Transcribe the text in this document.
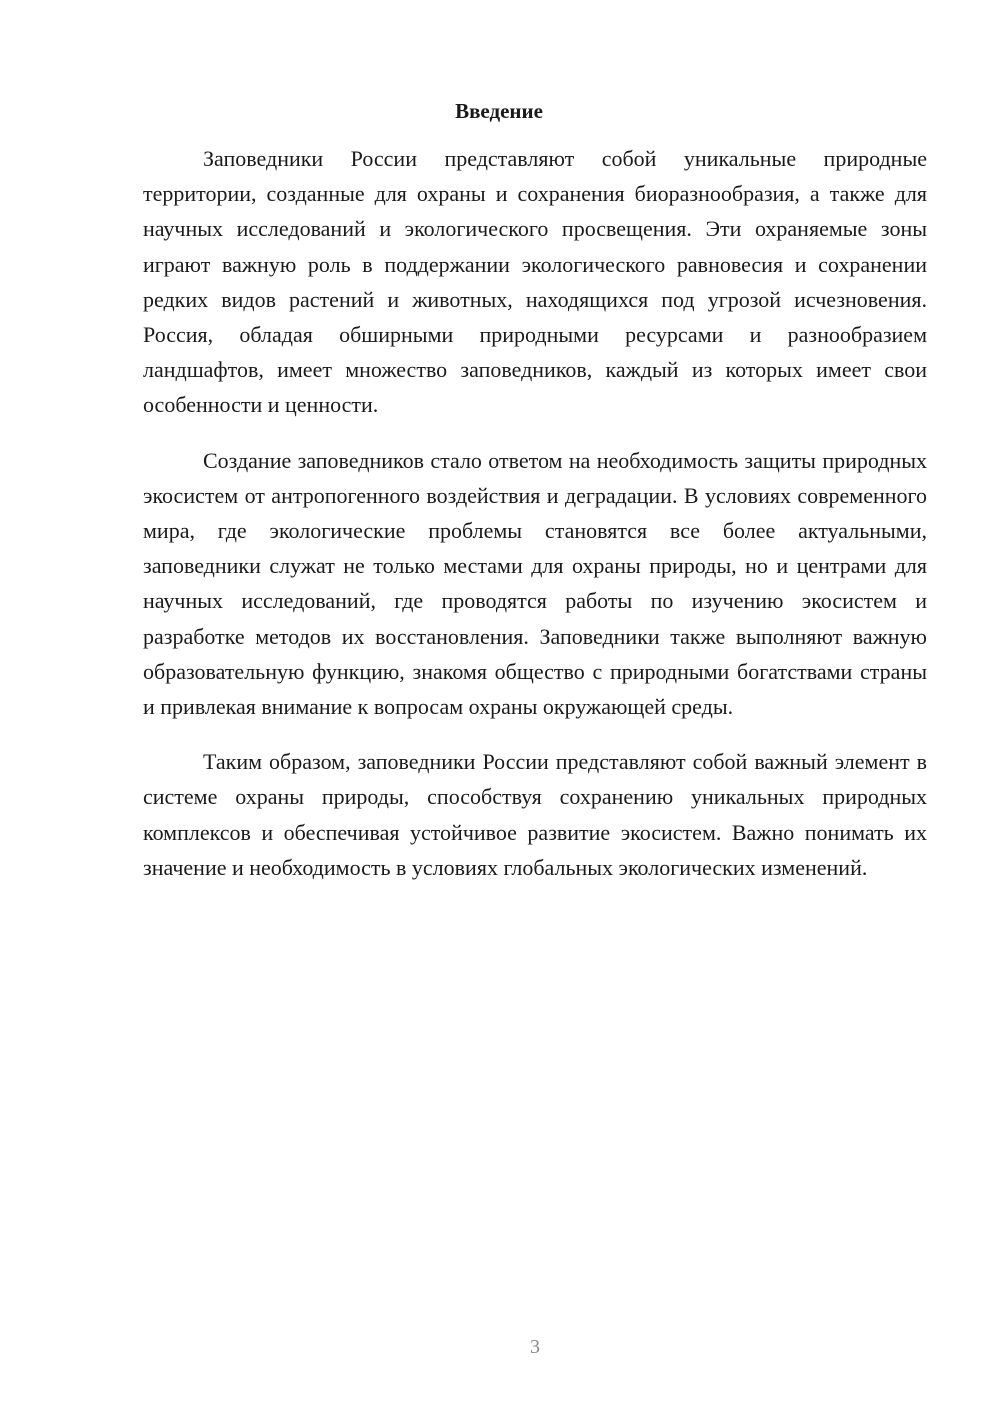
Введение

Заповедники России представляют собой уникальные природные территории, созданные для охраны и сохранения биоразнообразия, а также для научных исследований и экологического просвещения. Эти охраняемые зоны играют важную роль в поддержании экологического равновесия и сохранении редких видов растений и животных, находящихся под угрозой исчезновения. Россия, обладая обширными природными ресурсами и разнообразием ландшафтов, имеет множество заповедников, каждый из которых имеет свои особенности и ценности.

Создание заповедников стало ответом на необходимость защиты природных экосистем от антропогенного воздействия и деградации. В условиях современного мира, где экологические проблемы становятся все более актуальными, заповедники служат не только местами для охраны природы, но и центрами для научных исследований, где проводятся работы по изучению экосистем и разработке методов их восстановления. Заповедники также выполняют важную образовательную функцию, знакомя общество с природными богатствами страны и привлекая внимание к вопросам охраны окружающей среды.

Таким образом, заповедники России представляют собой важный элемент в системе охраны природы, способствуя сохранению уникальных природных комплексов и обеспечивая устойчивое развитие экосистем. Важно понимать их значение и необходимость в условиях глобальных экологических изменений.

3
